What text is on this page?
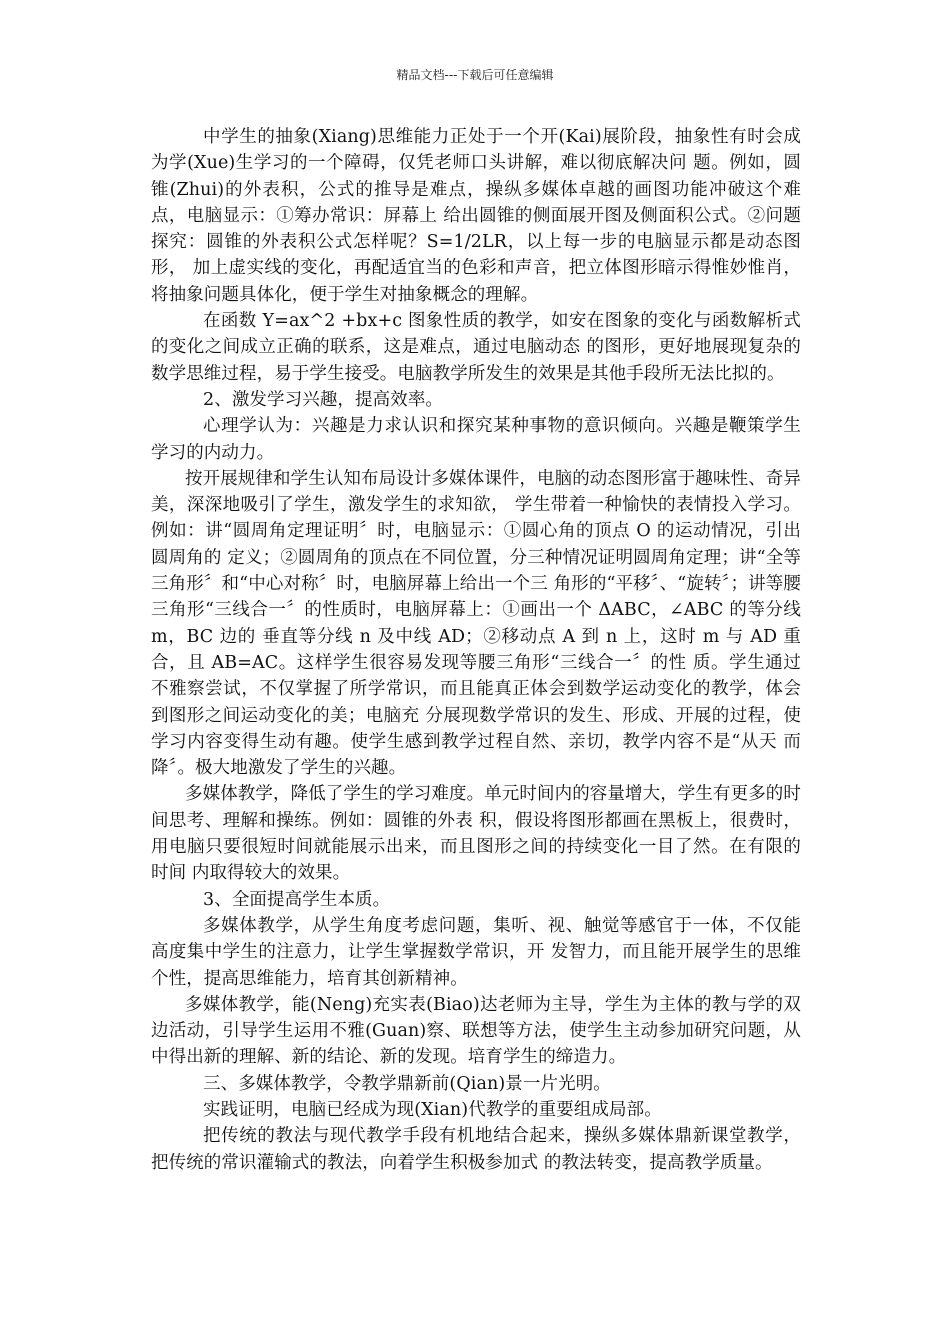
精品文档---下载后可任意编辑

中学生的抽象(Xiang)思维能力正处于一个开(Kai)展阶段，抽象性有时会成为学(Xue)生学习的一个障碍，仅凭老师口头讲解，难以彻底解决问 题。例如，圆锥(Zhui)的外表积，公式的推导是难点，操纵多媒体卓越的画图功能冲破这个难点，电脑显示：①筹办常识：屏幕上 给出圆锥的侧面展开图及侧面积公式。②问题探究：圆锥的外表积公式怎样呢？S=1/2LR，以上每一步的电脑显示都是动态图形， 加上虚实线的变化，再配适宜当的色彩和声音，把立体图形暗示得惟妙惟肖，将抽象问题具体化，便于学生对抽象概念的理解。

在函数 Y=ax^2 +bx+c 图象性质的教学，如安在图象的变化与函数解析式的变化之间成立正确的联系，这是难点，通过电脑动态 的图形，更好地展现复杂的数学思维过程，易于学生接受。电脑教学所发生的效果是其他手段所无法比拟的。

2、激发学习兴趣，提高效率。

心理学认为：兴趣是力求认识和探究某种事物的意识倾向。兴趣是鞭策学生学习的内动力。

按开展规律和学生认知布局设计多媒体课件，电脑的动态图形富于趣味性、奇异美，深深地吸引了学生，激发学生的求知欲， 学生带着一种愉快的表情投入学习。例如：讲“圆周角定理证明〞时，电脑显示：①圆心角的顶点 O 的运动情况，引出圆周角的 定义；②圆周角的顶点在不同位置，分三种情况证明圆周角定理；讲“全等三角形〞和“中心对称〞时，电脑屏幕上给出一个三 角形的“平移〞、“旋转〞；讲等腰三角形“三线合一〞的性质时，电脑屏幕上：①画出一个 ΔABC，∠ABC 的等分线 m，BC 边的 垂直等分线 n 及中线 AD；②移动点 A 到 n 上，这时 m 与 AD 重合，且 AB=AC。这样学生很容易发现等腰三角形“三线合一〞的性 质。学生通过不雅察尝试，不仅掌握了所学常识，而且能真正体会到数学运动变化的教学，体会到图形之间运动变化的美；电脑充 分展现数学常识的发生、形成、开展的过程，使学习内容变得生动有趣。使学生感到教学过程自然、亲切，教学内容不是“从天 而降〞。极大地激发了学生的兴趣。

多媒体教学，降低了学生的学习难度。单元时间内的容量增大，学生有更多的时间思考、理解和操练。例如：圆锥的外表 积，假设将图形都画在黑板上，很费时，用电脑只要很短时间就能展示出来，而且图形之间的持续变化一目了然。在有限的时间 内取得较大的效果。

3、全面提高学生本质。

多媒体教学，从学生角度考虑问题，集听、视、触觉等感官于一体，不仅能高度集中学生的注意力，让学生掌握数学常识，开 发智力，而且能开展学生的思维个性，提高思维能力，培育其创新精神。

多媒体教学，能(Neng)充实表(Biao)达老师为主导，学生为主体的教与学的双边活动，引导学生运用不雅(Guan)察、联想等方法，使学生主动参加研究问题，从中得出新的理解、新的结论、新的发现。培育学生的缔造力。

三、多媒体教学，令教学鼎新前(Qian)景一片光明。

实践证明，电脑已经成为现(Xian)代教学的重要组成局部。

把传统的教法与现代教学手段有机地结合起来，操纵多媒体鼎新课堂教学，把传统的常识灌输式的教法，向着学生积极参加式 的教法转变，提高教学质量。
